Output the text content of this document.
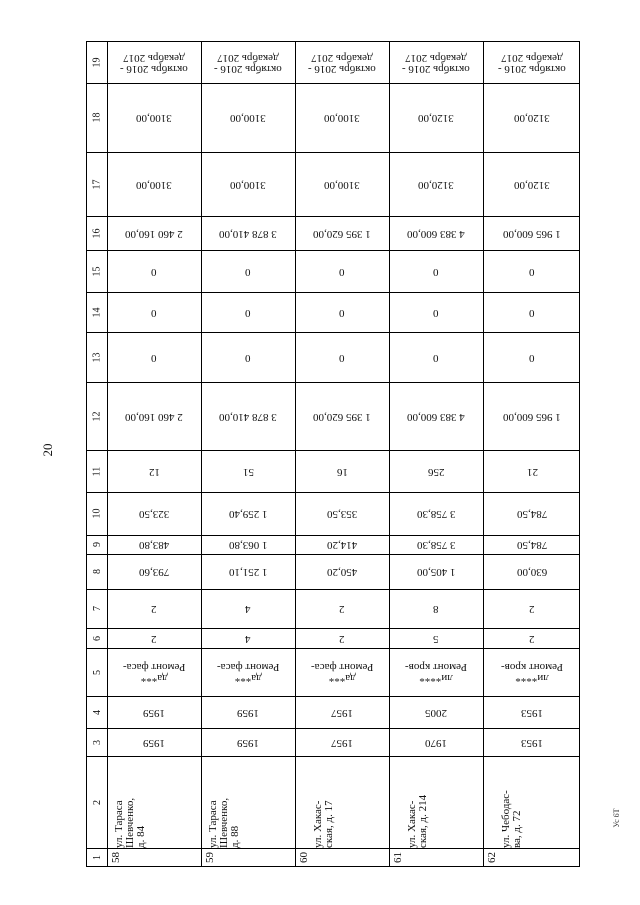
20
19
18
17
16
15
14
13
12
11
10
9
8
7
6
5
4
3
2
1
октябрь 2016 -
декабрь 2017
3100,00
3100,00
2 460 160,00
0
0
0
2 460 160,00
12
323,50
483,80
793,60
2
2
да***
Ремонт фаса-
1959
1959
ул. Тараса
Шевченко,
д. 84
58
октябрь 2016 -
декабрь 2017
3100,00
3100,00
3 878 410,00
0
0
0
3 878 410,00
51
1 259,40
1 063,80
1 251,10
4
4
да***
Ремонт фаса-
1959
1959
ул. Тараса
Шевченко,
д. 88
59
октябрь 2016 -
декабрь 2017
3100,00
3100,00
1 395 620,00
0
0
0
1 395 620,00
16
353,50
414,20
450,20
2
2
да***
Ремонт фаса-
1957
1957
ул. Хакас-
ская, д. 17
60
октябрь 2016 -
декабрь 2017
3120,00
3120,00
4 383 600,00
0
0
0
4 383 600,00
256
3 758,30
3 758,30
1 405,00
8
5
ли****
Ремонт кров-
2005
1970
ул. Хакас-
ская, д. 214
61
октябрь 2016 -
декабрь 2017
3120,00
3120,00
1 965 600,00
0
0
0
1 965 600,00
21
784,50
784,50
630,00
2
2
ли****
Ремонт кров-
1953
1953
ул. Чебодас-
ва, д. 72
62
Ус 6Т
